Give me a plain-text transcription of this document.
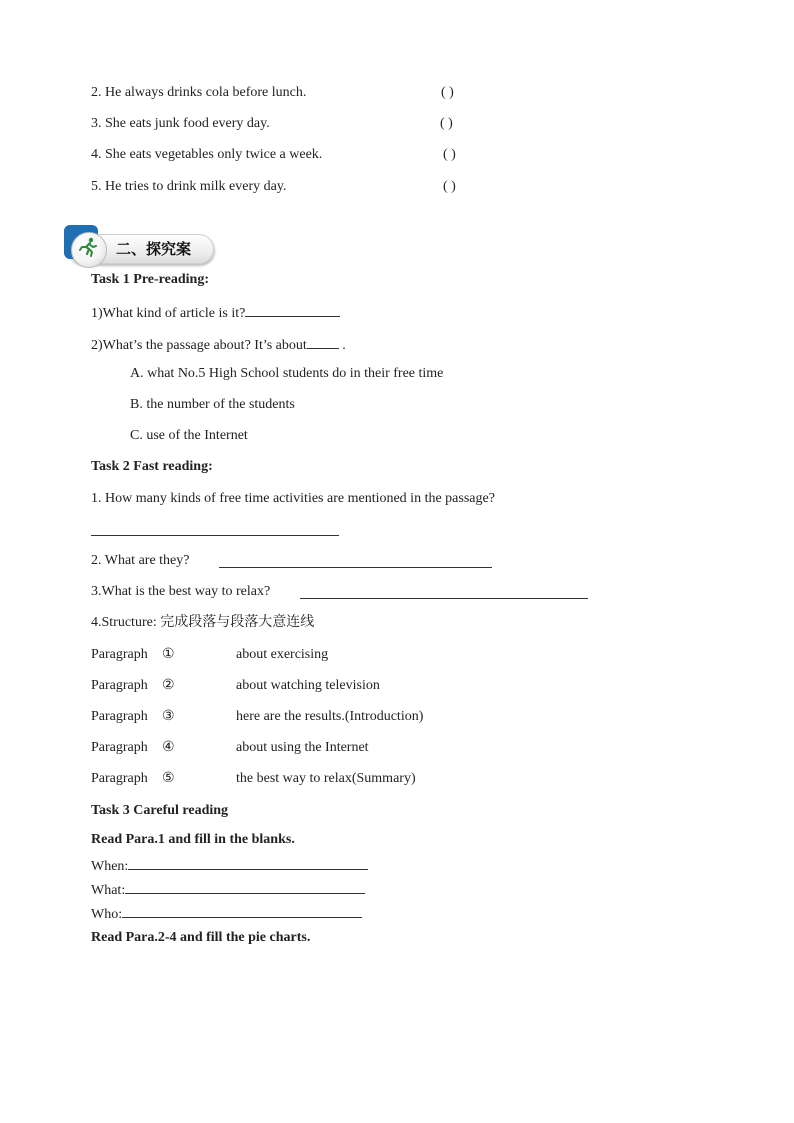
2. He always drinks cola before lunch.	( )
3. She eats junk food every day.	( )
4. She eats vegetables only twice a week.	( )
5. He tries to drink milk every day.	( )
二、探究案
Task 1 Pre-reading:
1)What kind of article is it?
2)What’s the passage about? It’s about	.
A. what No.5 High School students do in their free time
B. the number of the students
C. use of the Internet
Task 2 Fast reading:
1. How many kinds of free time activities are mentioned in the passage?
2. What are they?
3.What is the best way to relax?
4.Structure: 完成段落与段落大意连线
Paragraph ①	about exercising
Paragraph ②	about watching television
Paragraph ③	here are the results.(Introduction)
Paragraph ④	about using the Internet
Paragraph ⑤	the best way to relax(Summary)
Task 3 Careful reading
Read Para.1 and fill in the blanks.
When:
What:
Who:
Read Para.2-4 and fill the pie charts.
